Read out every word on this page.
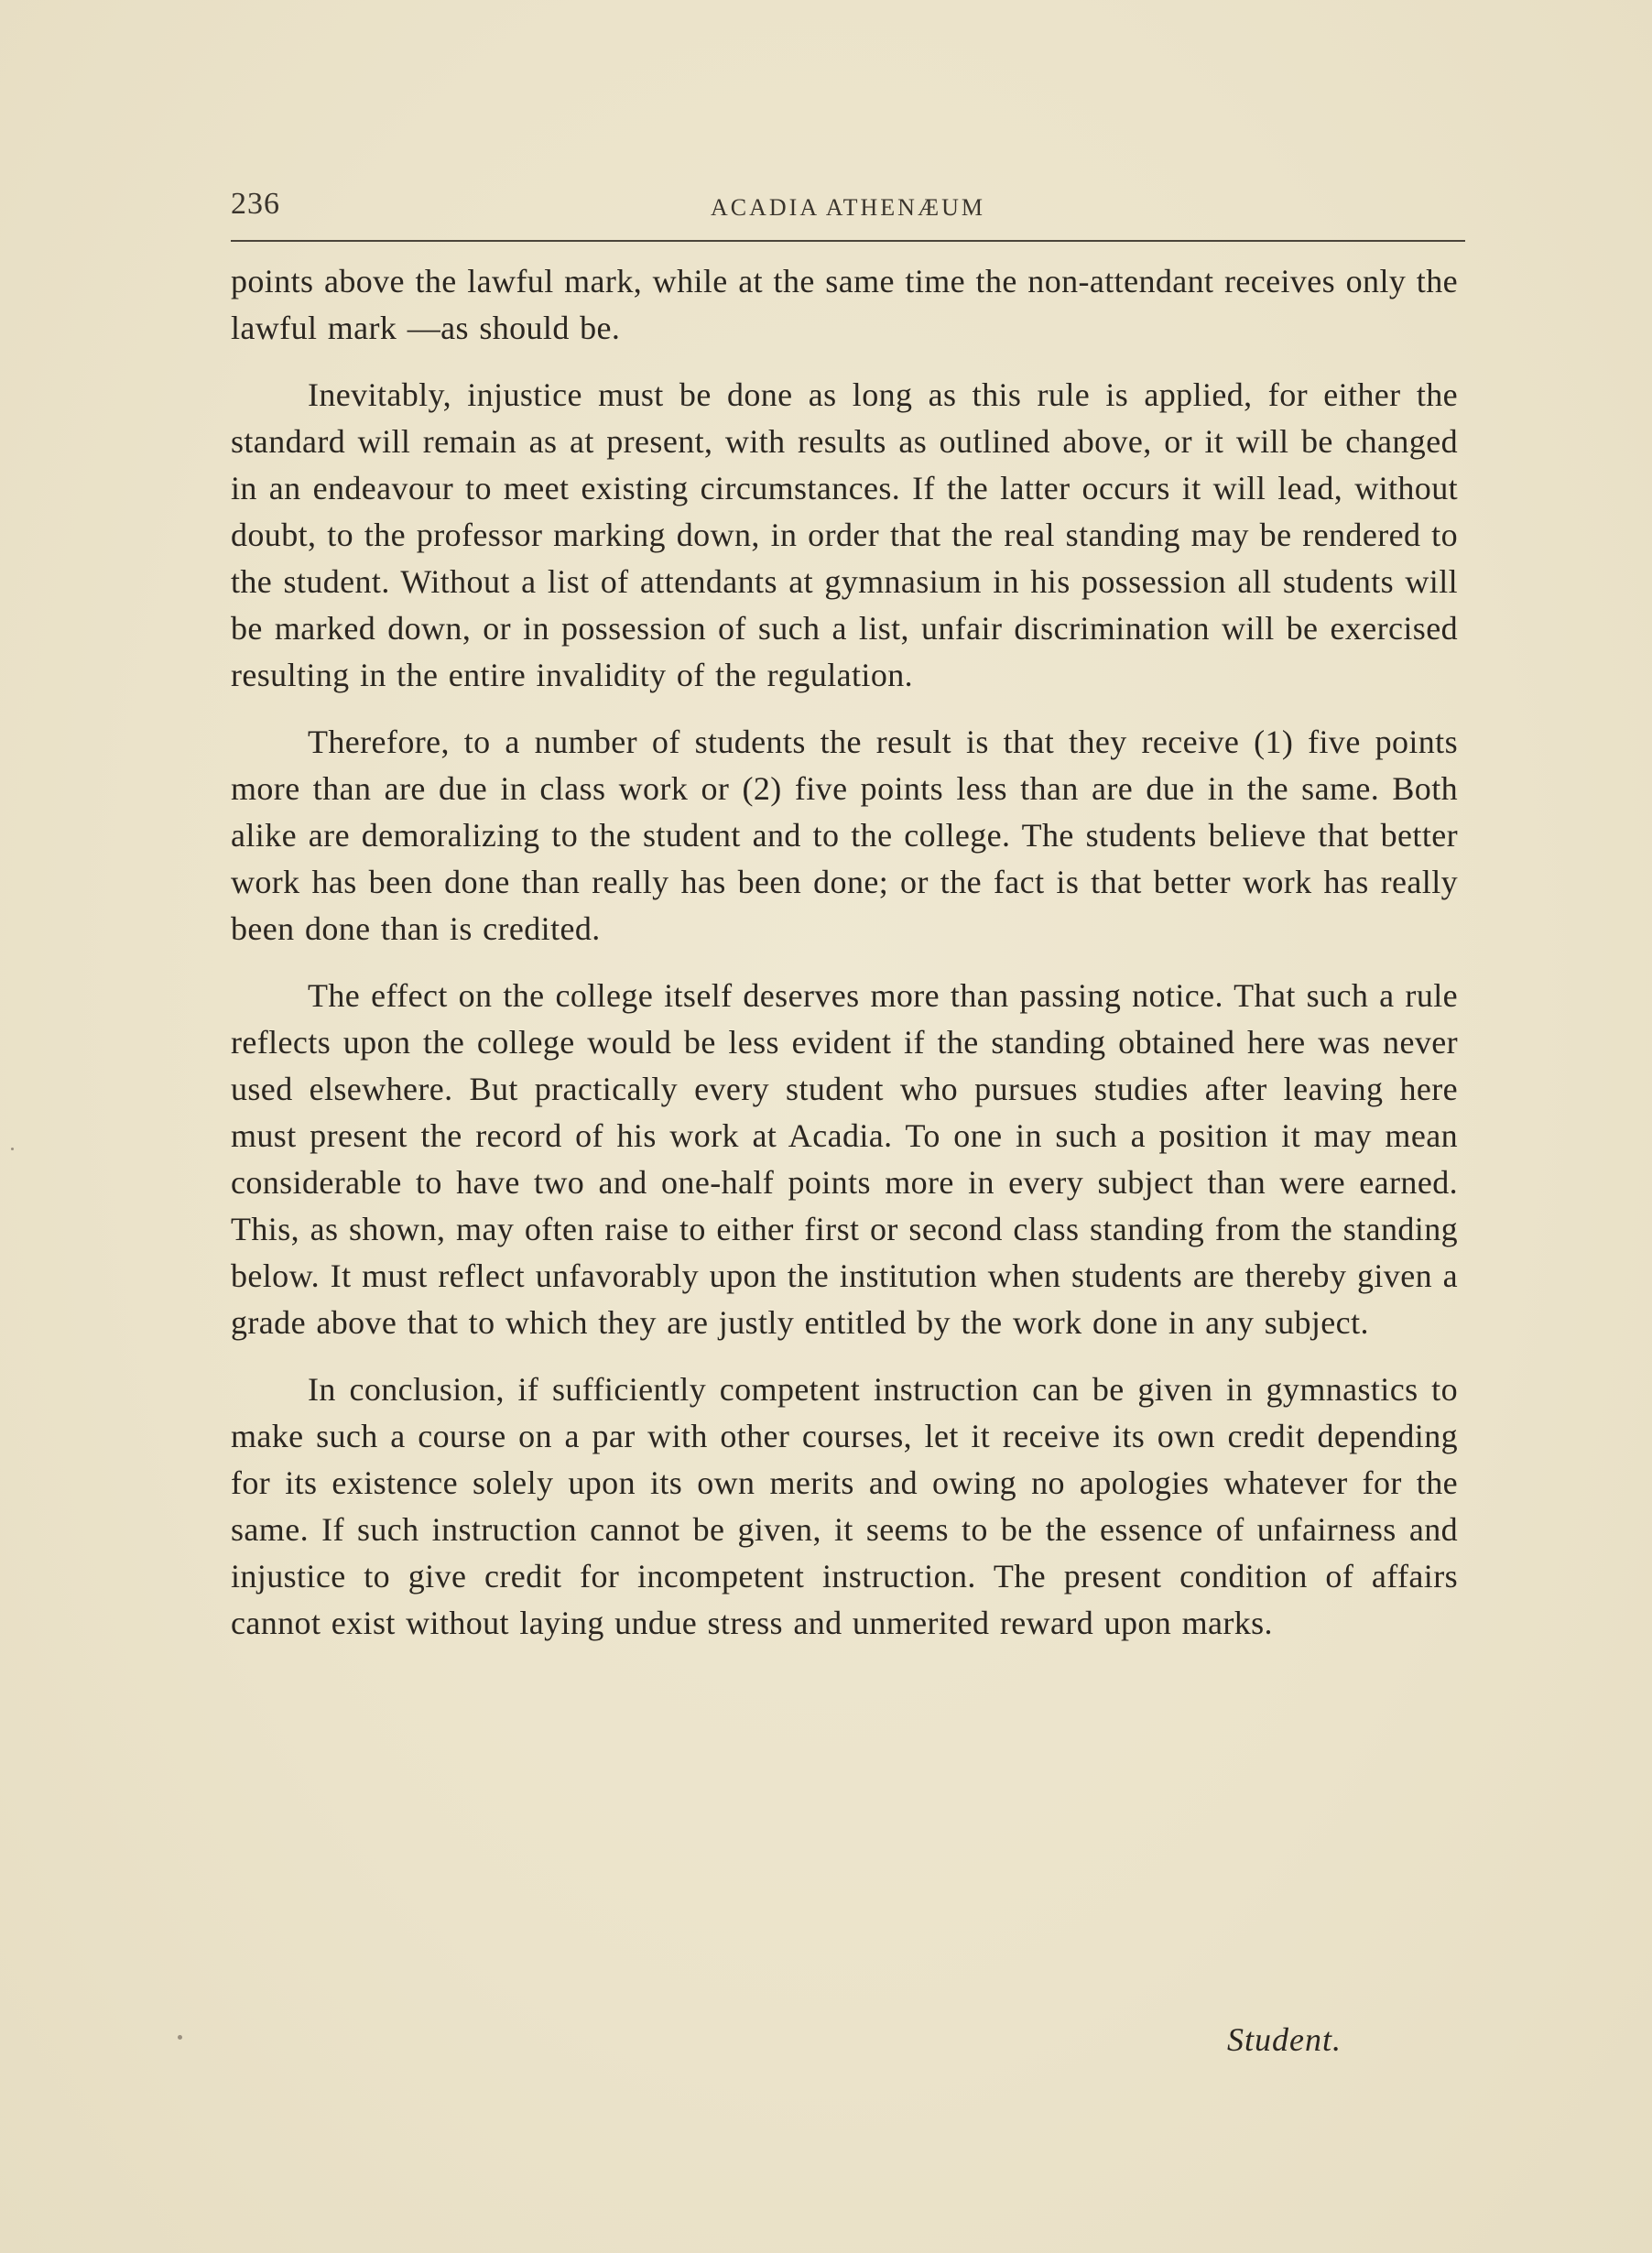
236	ACADIA ATHENÆUM

points above the lawful mark, while at the same time the non-attendant receives only the lawful mark —as should be.

Inevitably, injustice must be done as long as this rule is applied, for either the standard will remain as at present, with results as outlined above, or it will be changed in an endeavour to meet existing circumstances. If the latter occurs it will lead, without doubt, to the professor marking down, in order that the real standing may be rendered to the student. Without a list of attendants at gymnasium in his possession all students will be marked down, or in possession of such a list, unfair discrimination will be exercised resulting in the entire invalidity of the regulation.

Therefore, to a number of students the result is that they receive (1) five points more than are due in class work or (2) five points less than are due in the same. Both alike are demoralizing to the student and to the college. The students believe that better work has been done than really has been done; or the fact is that better work has really been done than is credited.

The effect on the college itself deserves more than passing notice. That such a rule reflects upon the college would be less evident if the standing obtained here was never used elsewhere. But practically every student who pursues studies after leaving here must present the record of his work at Acadia. To one in such a position it may mean considerable to have two and one-half points more in every subject than were earned. This, as shown, may often raise to either first or second class standing from the standing below. It must reflect unfavorably upon the institution when students are thereby given a grade above that to which they are justly entitled by the work done in any subject.

In conclusion, if sufficiently competent instruction can be given in gymnastics to make such a course on a par with other courses, let it receive its own credit depending for its existence solely upon its own merits and owing no apologies whatever for the same. If such instruction cannot be given, it seems to be the essence of unfairness and injustice to give credit for incompetent instruction. The present condition of affairs cannot exist without laying undue stress and unmerited reward upon marks.

Student.
